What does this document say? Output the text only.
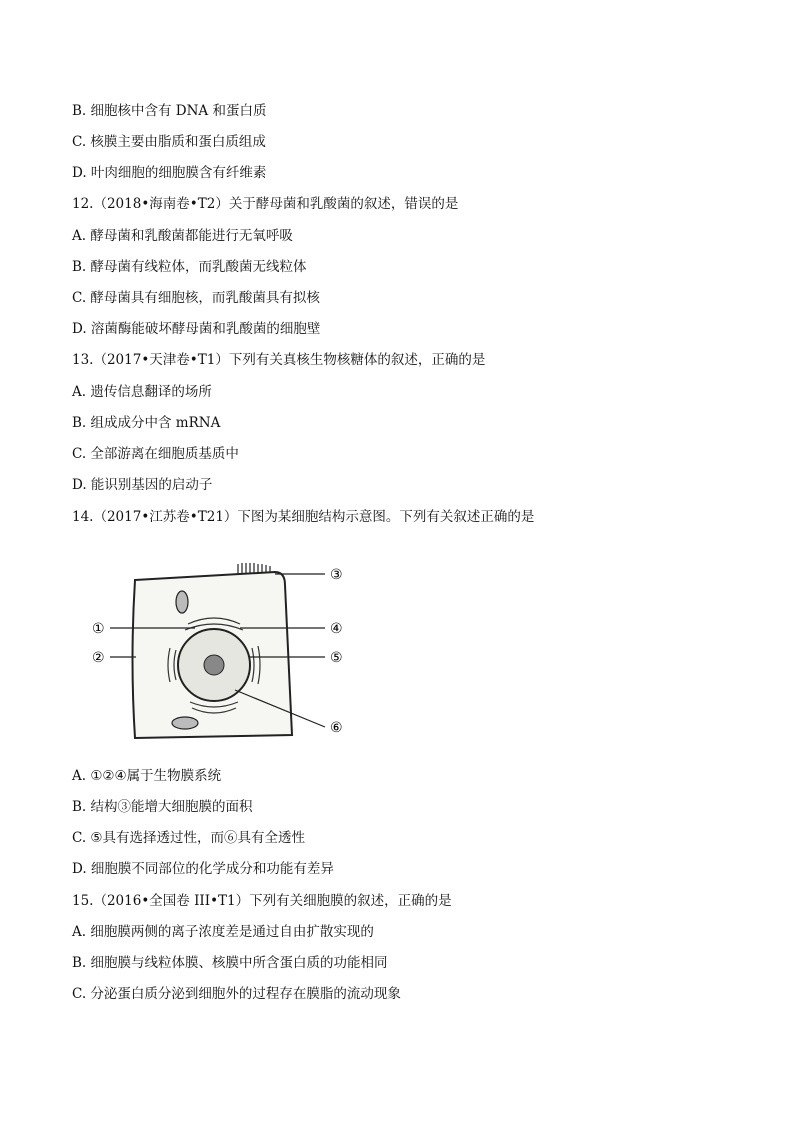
B. 细胞核中含有 DNA 和蛋白质
C. 核膜主要由脂质和蛋白质组成
D. 叶肉细胞的细胞膜含有纤维素
12.（2018•海南卷•T2）关于酵母菌和乳酸菌的叙述，错误的是
A. 酵母菌和乳酸菌都能进行无氧呼吸
B. 酵母菌有线粒体，而乳酸菌无线粒体
C. 酵母菌具有细胞核，而乳酸菌具有拟核
D. 溶菌酶能破坏酵母菌和乳酸菌的细胞壁
13.（2017•天津卷•T1）下列有关真核生物核糖体的叙述，正确的是
A. 遗传信息翻译的场所
B. 组成成分中含 mRNA
C. 全部游离在细胞质基质中
D. 能识别基因的启动子
14.（2017•江苏卷•T21）下图为某细胞结构示意图。下列有关叙述正确的是
①
②
③
④
⑤
⑥
A. ①②④属于生物膜系统
B. 结构③能增大细胞膜的面积
C. ⑤具有选择透过性，而⑥具有全透性
D. 细胞膜不同部位的化学成分和功能有差异
15.（2016•全国卷 III•T1）下列有关细胞膜的叙述，正确的是
A. 细胞膜两侧的离子浓度差是通过自由扩散实现的
B. 细胞膜与线粒体膜、核膜中所含蛋白质的功能相同
C. 分泌蛋白质分泌到细胞外的过程存在膜脂的流动现象
